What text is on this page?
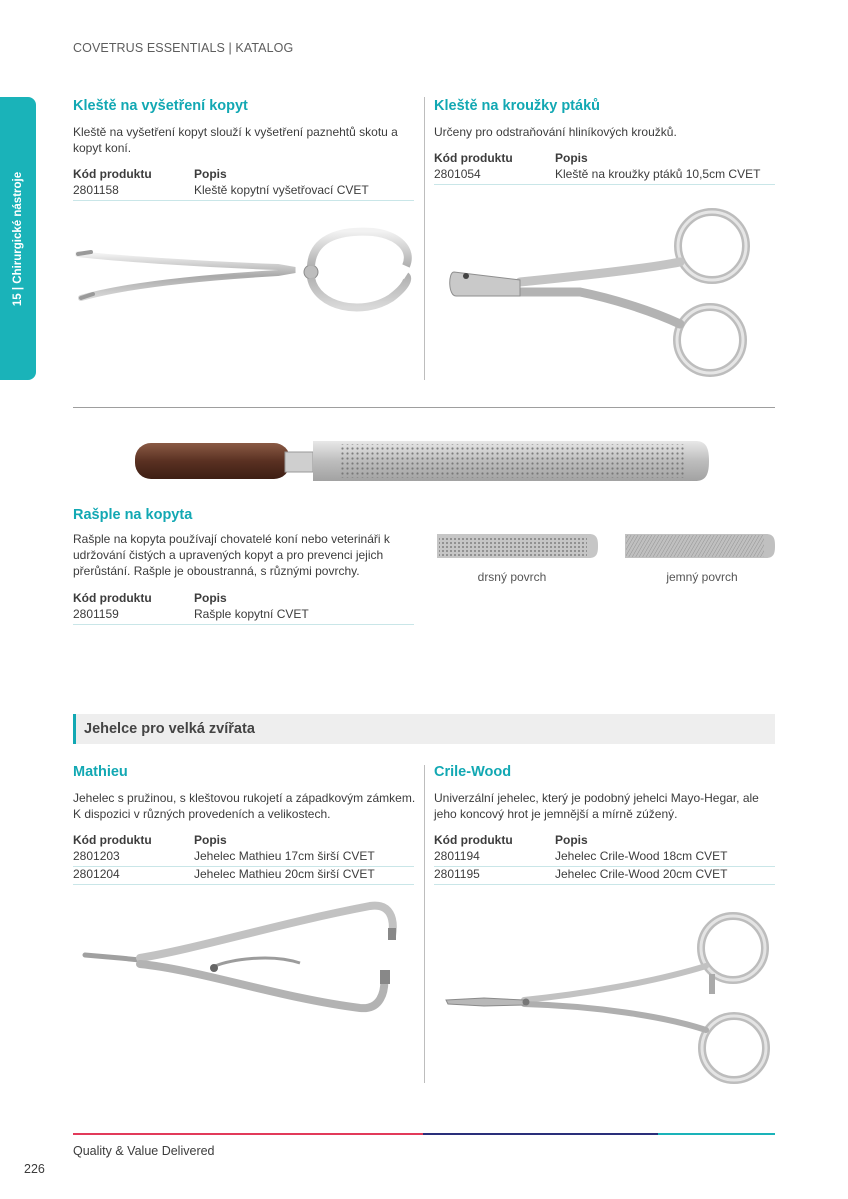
COVETRUS ESSENTIALS | KATALOG
15 | Chirurgické nástroje
Kleště na vyšetření kopyt
Kleště na vyšetření kopyt slouží k vyšetření paznehtů skotu a kopyt koní.
Kód produktu	Popis
2801158	Kleště kopytní vyšetřovací CVET
Kleště na kroužky ptáků
Určeny pro odstraňování hliníkových kroužků.
Kód produktu	Popis
2801054	Kleště na kroužky ptáků 10,5cm CVET
Rašple na kopyta
Rašple na kopyta používají chovatelé koní nebo veterináři k udržování čistých a upravených kopyt a pro prevenci jejich přerůstání. Rašple je oboustranná, s různými povrchy.
Kód produktu	Popis
2801159	Rašple kopytní CVET
drsný povrch	jemný povrch
Jehelce pro velká zvířata
Mathieu
Jehelec s pružinou, s kleštovou rukojetí a západkovým zámkem. K dispozici v různých provedeních a velikostech.
Kód produktu	Popis
2801203	Jehelec Mathieu 17cm širší CVET
2801204	Jehelec Mathieu 20cm širší CVET
Crile-Wood
Univerzální jehelec, který je podobný jehelci Mayo-Hegar, ale jeho koncový hrot je jemnější a mírně zúžený.
Kód produktu	Popis
2801194	Jehelec Crile-Wood 18cm CVET
2801195	Jehelec Crile-Wood 20cm CVET
Quality & Value Delivered
226
